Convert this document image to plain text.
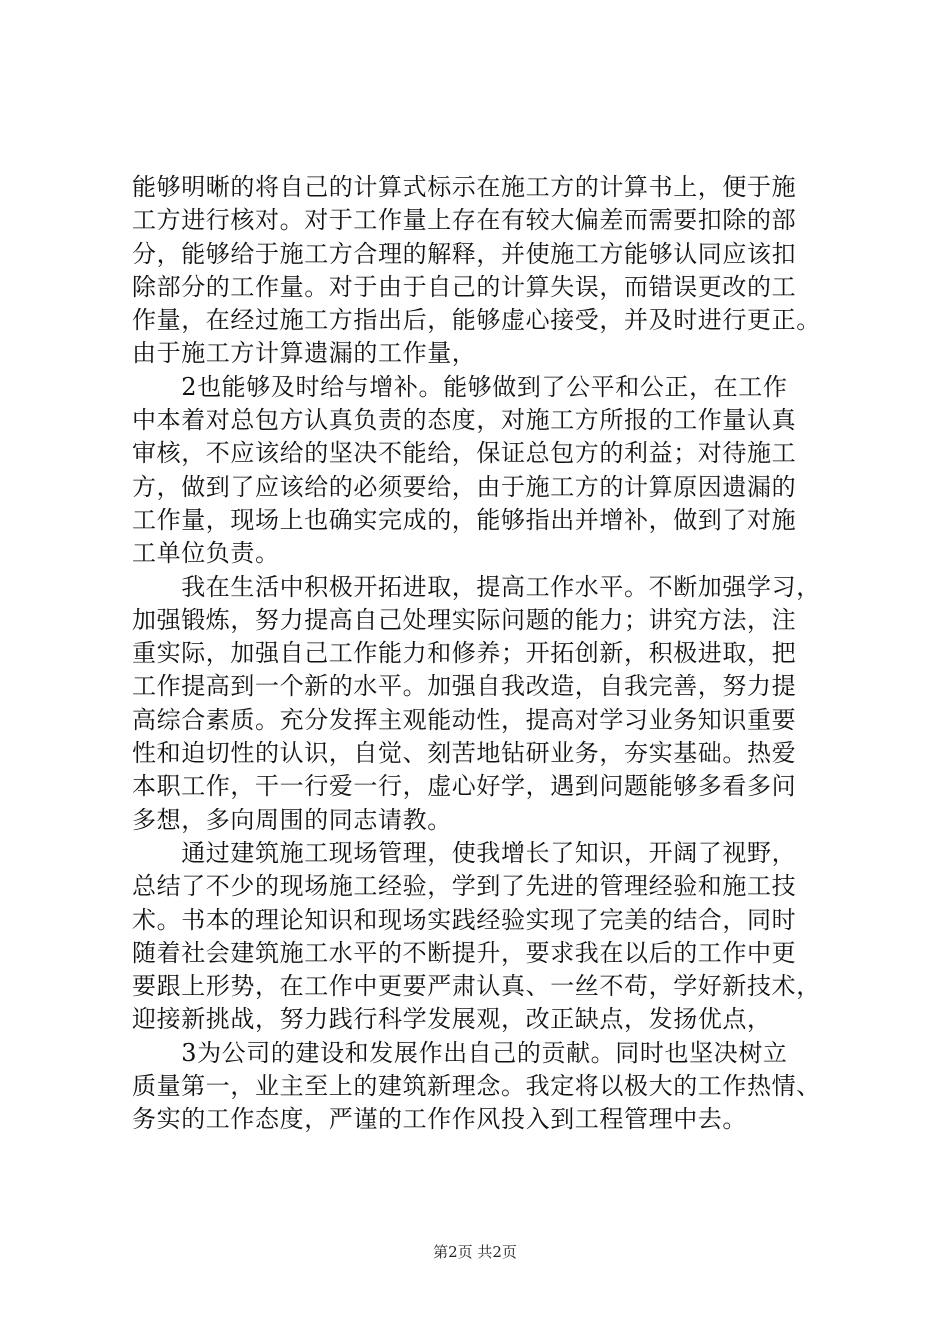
能够明晰的将自己的计算式标示在施工方的计算书上，便于施
工方进行核对。对于工作量上存在有较大偏差而需要扣除的部
分，能够给于施工方合理的解释，并使施工方能够认同应该扣
除部分的工作量。对于由于自己的计算失误，而错误更改的工
作量，在经过施工方指出后，能够虚心接受，并及时进行更正。
由于施工方计算遗漏的工作量，
　　2也能够及时给与增补。能够做到了公平和公正，在工作
中本着对总包方认真负责的态度，对施工方所报的工作量认真
审核，不应该给的坚决不能给，保证总包方的利益；对待施工
方，做到了应该给的必须要给，由于施工方的计算原因遗漏的
工作量，现场上也确实完成的，能够指出并增补，做到了对施
工单位负责。
　　我在生活中积极开拓进取，提高工作水平。不断加强学习，
加强锻炼，努力提高自己处理实际问题的能力；讲究方法，注
重实际，加强自己工作能力和修养；开拓创新，积极进取，把
工作提高到一个新的水平。加强自我改造，自我完善，努力提
高综合素质。充分发挥主观能动性，提高对学习业务知识重要
性和迫切性的认识，自觉、刻苦地钻研业务，夯实基础。热爱
本职工作，干一行爱一行，虚心好学，遇到问题能够多看多问
多想，多向周围的同志请教。
　　通过建筑施工现场管理，使我增长了知识，开阔了视野，
总结了不少的现场施工经验，学到了先进的管理经验和施工技
术。书本的理论知识和现场实践经验实现了完美的结合，同时
随着社会建筑施工水平的不断提升，要求我在以后的工作中更
要跟上形势，在工作中更要严肃认真、一丝不苟，学好新技术，
迎接新挑战，努力践行科学发展观，改正缺点，发扬优点，
　　3为公司的建设和发展作出自己的贡献。同时也坚决树立
质量第一，业主至上的建筑新理念。我定将以极大的工作热情、
务实的工作态度，严谨的工作作风投入到工程管理中去。
第2页 共2页
